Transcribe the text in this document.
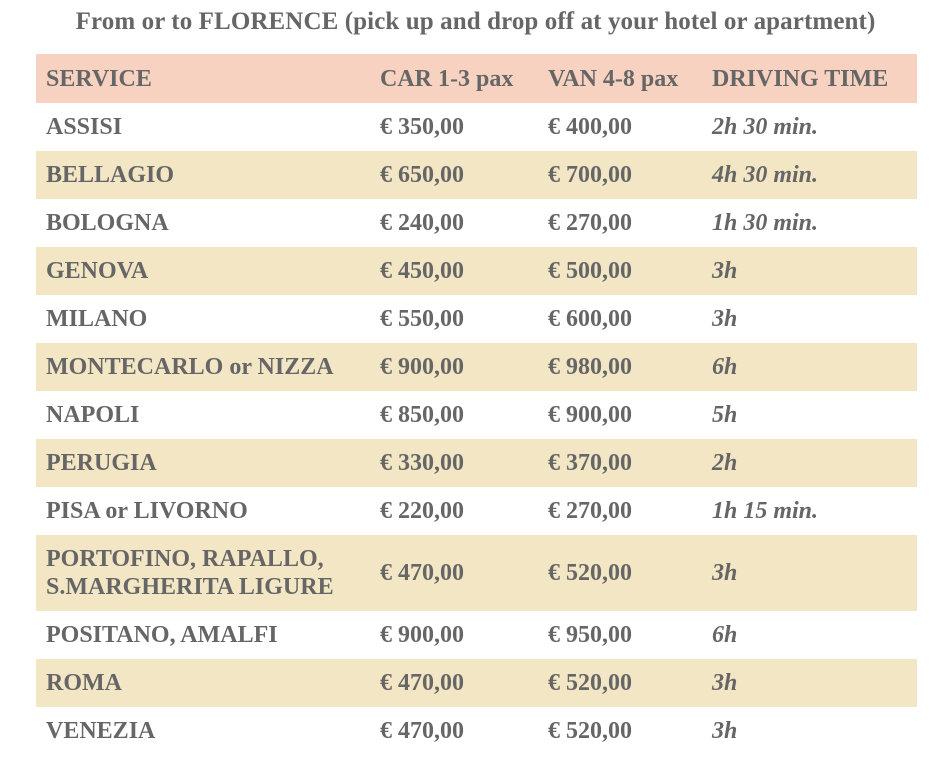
From or to FLORENCE (pick up and drop off at your hotel or apartment)
SERVICE	CAR 1-3 pax	VAN 4-8 pax	DRIVING TIME
ASSISI	€ 350,00	€ 400,00	2h 30 min.
BELLAGIO	€ 650,00	€ 700,00	4h 30 min.
BOLOGNA	€ 240,00	€ 270,00	1h 30 min.
GENOVA	€ 450,00	€ 500,00	3h
MILANO	€ 550,00	€ 600,00	3h
MONTECARLO or NIZZA	€ 900,00	€ 980,00	6h
NAPOLI	€ 850,00	€ 900,00	5h
PERUGIA	€ 330,00	€ 370,00	2h
PISA or LIVORNO	€ 220,00	€ 270,00	1h 15 min.

PORTOFINO, RAPALLO,
S.MARGHERITA LIGURE	€ 470,00	€ 520,00	3h
POSITANO, AMALFI	€ 900,00	€ 950,00	6h
ROMA	€ 470,00	€ 520,00	3h
VENEZIA	€ 470,00	€ 520,00	3h
